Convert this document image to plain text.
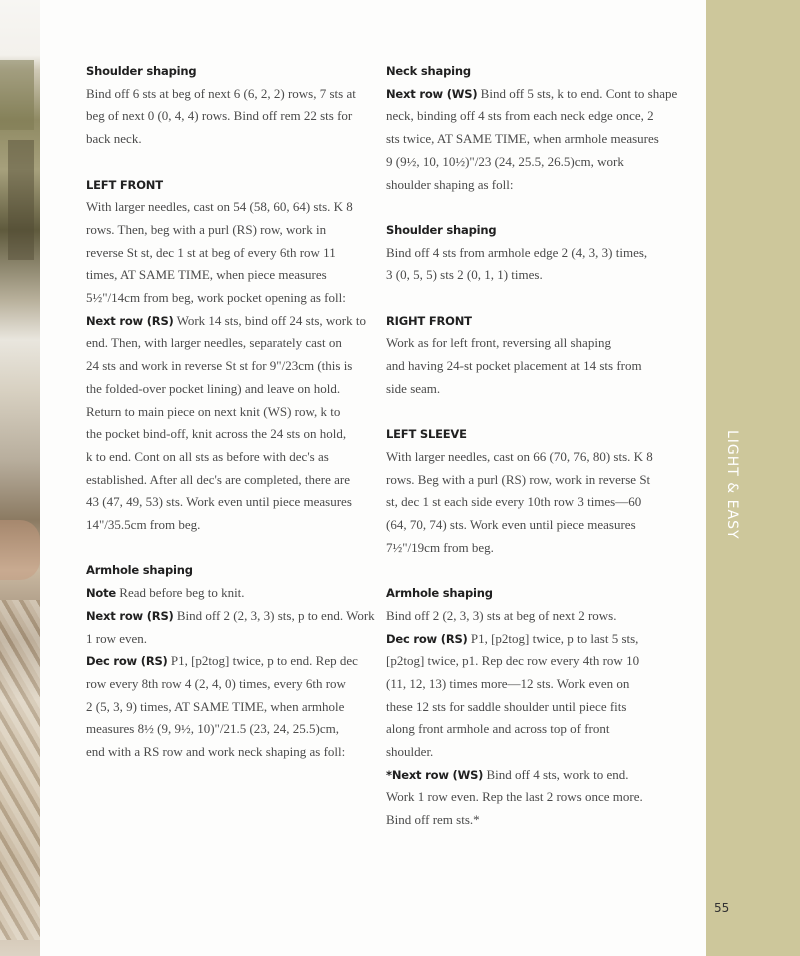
LIGHT & EASY
55
Shoulder shaping
Bind off 6 sts at beg of next 6 (6, 2, 2) rows, 7 sts at
beg of next 0 (0, 4, 4) rows. Bind off rem 22 sts for
back neck.
LEFT FRONT
With larger needles, cast on 54 (58, 60, 64) sts. K 8
rows. Then, beg with a purl (RS) row, work in
reverse St st, dec 1 st at beg of every 6th row 11
times, AT SAME TIME, when piece measures
5½"/14cm from beg, work pocket opening as foll:
Next row (RS) Work 14 sts, bind off 24 sts, work to
end. Then, with larger needles, separately cast on
24 sts and work in reverse St st for 9"/23cm (this is
the folded-over pocket lining) and leave on hold.
Return to main piece on next knit (WS) row, k to
the pocket bind-off, knit across the 24 sts on hold,
k to end. Cont on all sts as before with dec's as
established. After all dec's are completed, there are
43 (47, 49, 53) sts. Work even until piece measures
14"/35.5cm from beg.
Armhole shaping
Note Read before beg to knit.
Next row (RS) Bind off 2 (2, 3, 3) sts, p to end. Work
1 row even.
Dec row (RS) P1, [p2tog] twice, p to end. Rep dec
row every 8th row 4 (2, 4, 0) times, every 6th row
2 (5, 3, 9) times, AT SAME TIME, when armhole
measures 8½ (9, 9½, 10)"/21.5 (23, 24, 25.5)cm,
end with a RS row and work neck shaping as foll:
Neck shaping
Next row (WS) Bind off 5 sts, k to end. Cont to shape
neck, binding off 4 sts from each neck edge once, 2
sts twice, AT SAME TIME, when armhole measures
9 (9½, 10, 10½)"/23 (24, 25.5, 26.5)cm, work
shoulder shaping as foll:
Shoulder shaping
Bind off 4 sts from armhole edge 2 (4, 3, 3) times,
3 (0, 5, 5) sts 2 (0, 1, 1) times.
RIGHT FRONT
Work as for left front, reversing all shaping
and having 24-st pocket placement at 14 sts from
side seam.
LEFT SLEEVE
With larger needles, cast on 66 (70, 76, 80) sts. K 8
rows. Beg with a purl (RS) row, work in reverse St
st, dec 1 st each side every 10th row 3 times—60
(64, 70, 74) sts. Work even until piece measures
7½"/19cm from beg.
Armhole shaping
Bind off 2 (2, 3, 3) sts at beg of next 2 rows.
Dec row (RS) P1, [p2tog] twice, p to last 5 sts,
[p2tog] twice, p1. Rep dec row every 4th row 10
(11, 12, 13) times more—12 sts. Work even on
these 12 sts for saddle shoulder until piece fits
along front armhole and across top of front
shoulder.
*Next row (WS) Bind off 4 sts, work to end.
Work 1 row even. Rep the last 2 rows once more.
Bind off rem sts.*
